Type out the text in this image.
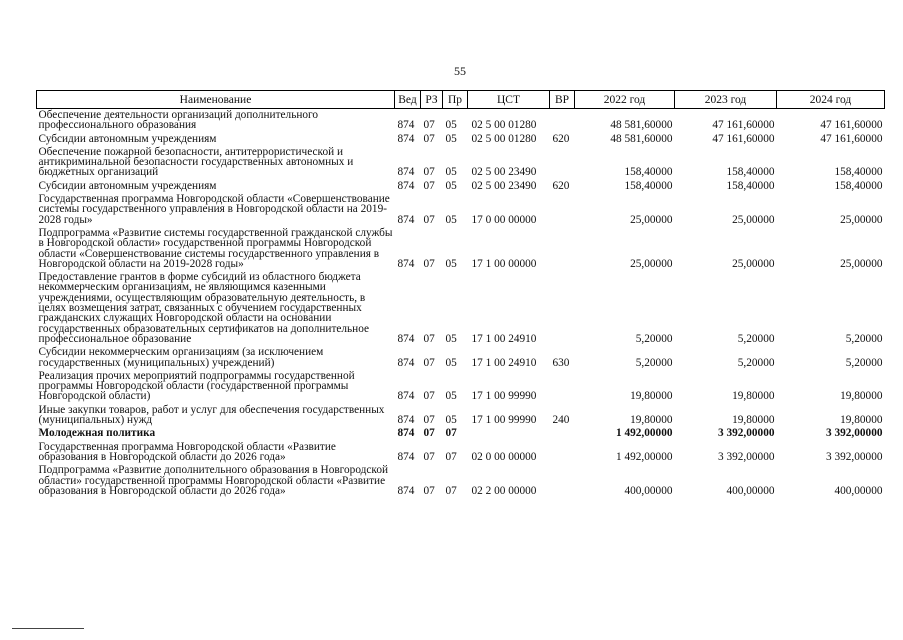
55
Наименование	Вед	РЗ	Пр	ЦСТ	ВР	2022 год	2023 год	2024 год
Обеспечение деятельности организаций дополнительного профессионального образования	874	07	05	02 5 00 01280		48 581,60000	47 161,60000	47 161,60000
Субсидии автономным учреждениям	874	07	05	02 5 00 01280	620	48 581,60000	47 161,60000	47 161,60000
Обеспечение пожарной безопасности, антитеррористической и антикриминальной безопасности государственных автономных и бюджетных организаций	874	07	05	02 5 00 23490		158,40000	158,40000	158,40000
Субсидии автономным учреждениям	874	07	05	02 5 00 23490	620	158,40000	158,40000	158,40000
Государственная программа Новгородской области «Совершенствование системы государственного управления в Новгородской области на 2019-2028 годы»	874	07	05	17 0 00 00000		25,00000	25,00000	25,00000
Подпрограмма «Развитие системы государственной гражданской службы в Новгородской области» государственной программы Новгородской области «Совершенствование системы государственного управления в Новгородской области на 2019-2028 годы»	874	07	05	17 1 00 00000		25,00000	25,00000	25,00000
Предоставление грантов в форме субсидий из областного бюджета некоммерческим организациям, не являющимся казенными учреждениями, осуществляющим образовательную деятельность, в целях возмещения затрат, связанных с обучением государственных гражданских служащих Новгородской области на основании государственных образовательных сертификатов на дополнительное профессиональное образование	874	07	05	17 1 00 24910		5,20000	5,20000	5,20000
Субсидии некоммерческим организациям (за исключением государственных (муниципальных) учреждений)	874	07	05	17 1 00 24910	630	5,20000	5,20000	5,20000
Реализация прочих мероприятий подпрограммы государственной программы Новгородской области (государственной программы Новгородской области)	874	07	05	17 1 00 99990		19,80000	19,80000	19,80000
Иные закупки товаров, работ и услуг для обеспечения государственных (муниципальных) нужд	874	07	05	17 1 00 99990	240	19,80000	19,80000	19,80000
Молодежная политика	874	07	07			1 492,00000	3 392,00000	3 392,00000
Государственная программа Новгородской области «Развитие образования в Новгородской области до 2026 года»	874	07	07	02 0 00 00000		1 492,00000	3 392,00000	3 392,00000
Подпрограмма «Развитие дополнительного образования в Новгородской области» государственной программы Новгородской области «Развитие образования в Новгородской области до 2026 года»	874	07	07	02 2 00 00000		400,00000	400,00000	400,00000
